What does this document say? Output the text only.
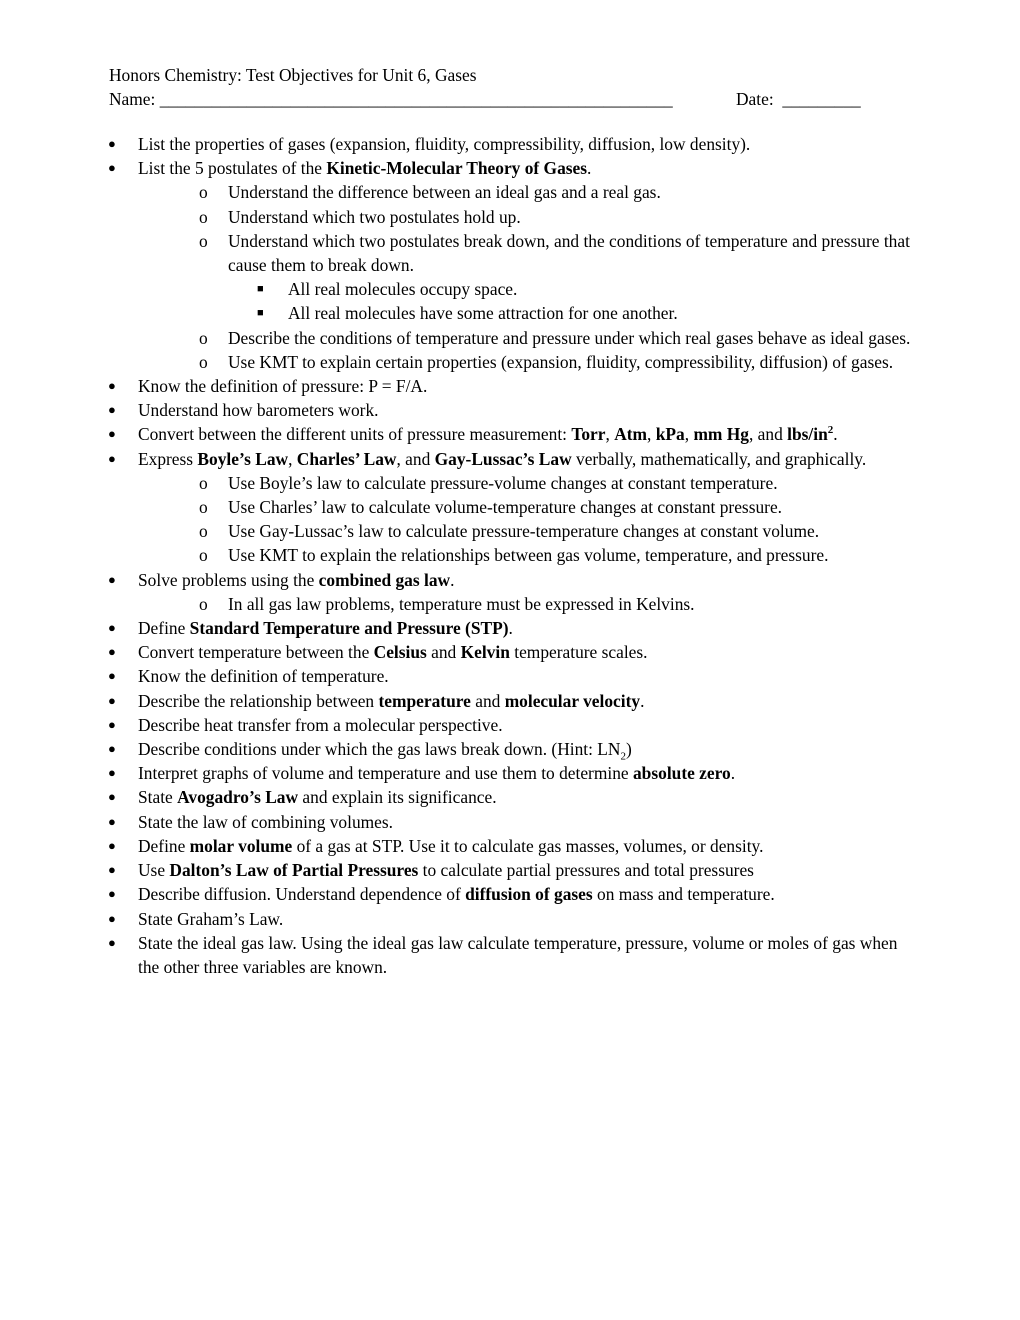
Honors Chemistry: Test Objectives for Unit 6, Gases
Name: ___________________________________________________________	Date: _________
● List the properties of gases (expansion, fluidity, compressibility, diffusion, low density).
● List the 5 postulates of the Kinetic-Molecular Theory of Gases.
o Understand the difference between an ideal gas and a real gas.
o Understand which two postulates hold up.
o Understand which two postulates break down, and the conditions of temperature and pressure that cause them to break down.
■ All real molecules occupy space.
■ All real molecules have some attraction for one another.
o Describe the conditions of temperature and pressure under which real gases behave as ideal gases.
o Use KMT to explain certain properties (expansion, fluidity, compressibility, diffusion) of gases.
● Know the definition of pressure: P = F/A.
● Understand how barometers work.
● Convert between the different units of pressure measurement: Torr, Atm, kPa, mm Hg, and lbs/$in^2$.
● Express Boyle’s Law, Charles’ Law, and Gay-Lussac’s Law verbally, mathematically, and graphically.
o Use Boyle’s law to calculate pressure-volume changes at constant temperature.
o Use Charles’ law to calculate volume-temperature changes at constant pressure.
o Use Gay-Lussac’s law to calculate pressure-temperature changes at constant volume.
o Use KMT to explain the relationships between gas volume, temperature, and pressure.
● Solve problems using the combined gas law.
o In all gas law problems, temperature must be expressed in Kelvins.
● Define Standard Temperature and Pressure (STP).
● Convert temperature between the Celsius and Kelvin temperature scales.
● Know the definition of temperature.
● Describe the relationship between temperature and molecular velocity.
● Describe heat transfer from a molecular perspective.
● Describe conditions under which the gas laws break down. (Hint: $LN_2$)
● Interpret graphs of volume and temperature and use them to determine absolute zero.
● State Avogadro’s Law and explain its significance.
● State the law of combining volumes.
● Define molar volume of a gas at STP. Use it to calculate gas masses, volumes, or density.
● Use Dalton’s Law of Partial Pressures to calculate partial pressures and total pressures
● Describe diffusion. Understand dependence of diffusion of gases on mass and temperature.
● State Graham’s Law.
● State the ideal gas law. Using the ideal gas law calculate temperature, pressure, volume or moles of gas when the other three variables are known.
